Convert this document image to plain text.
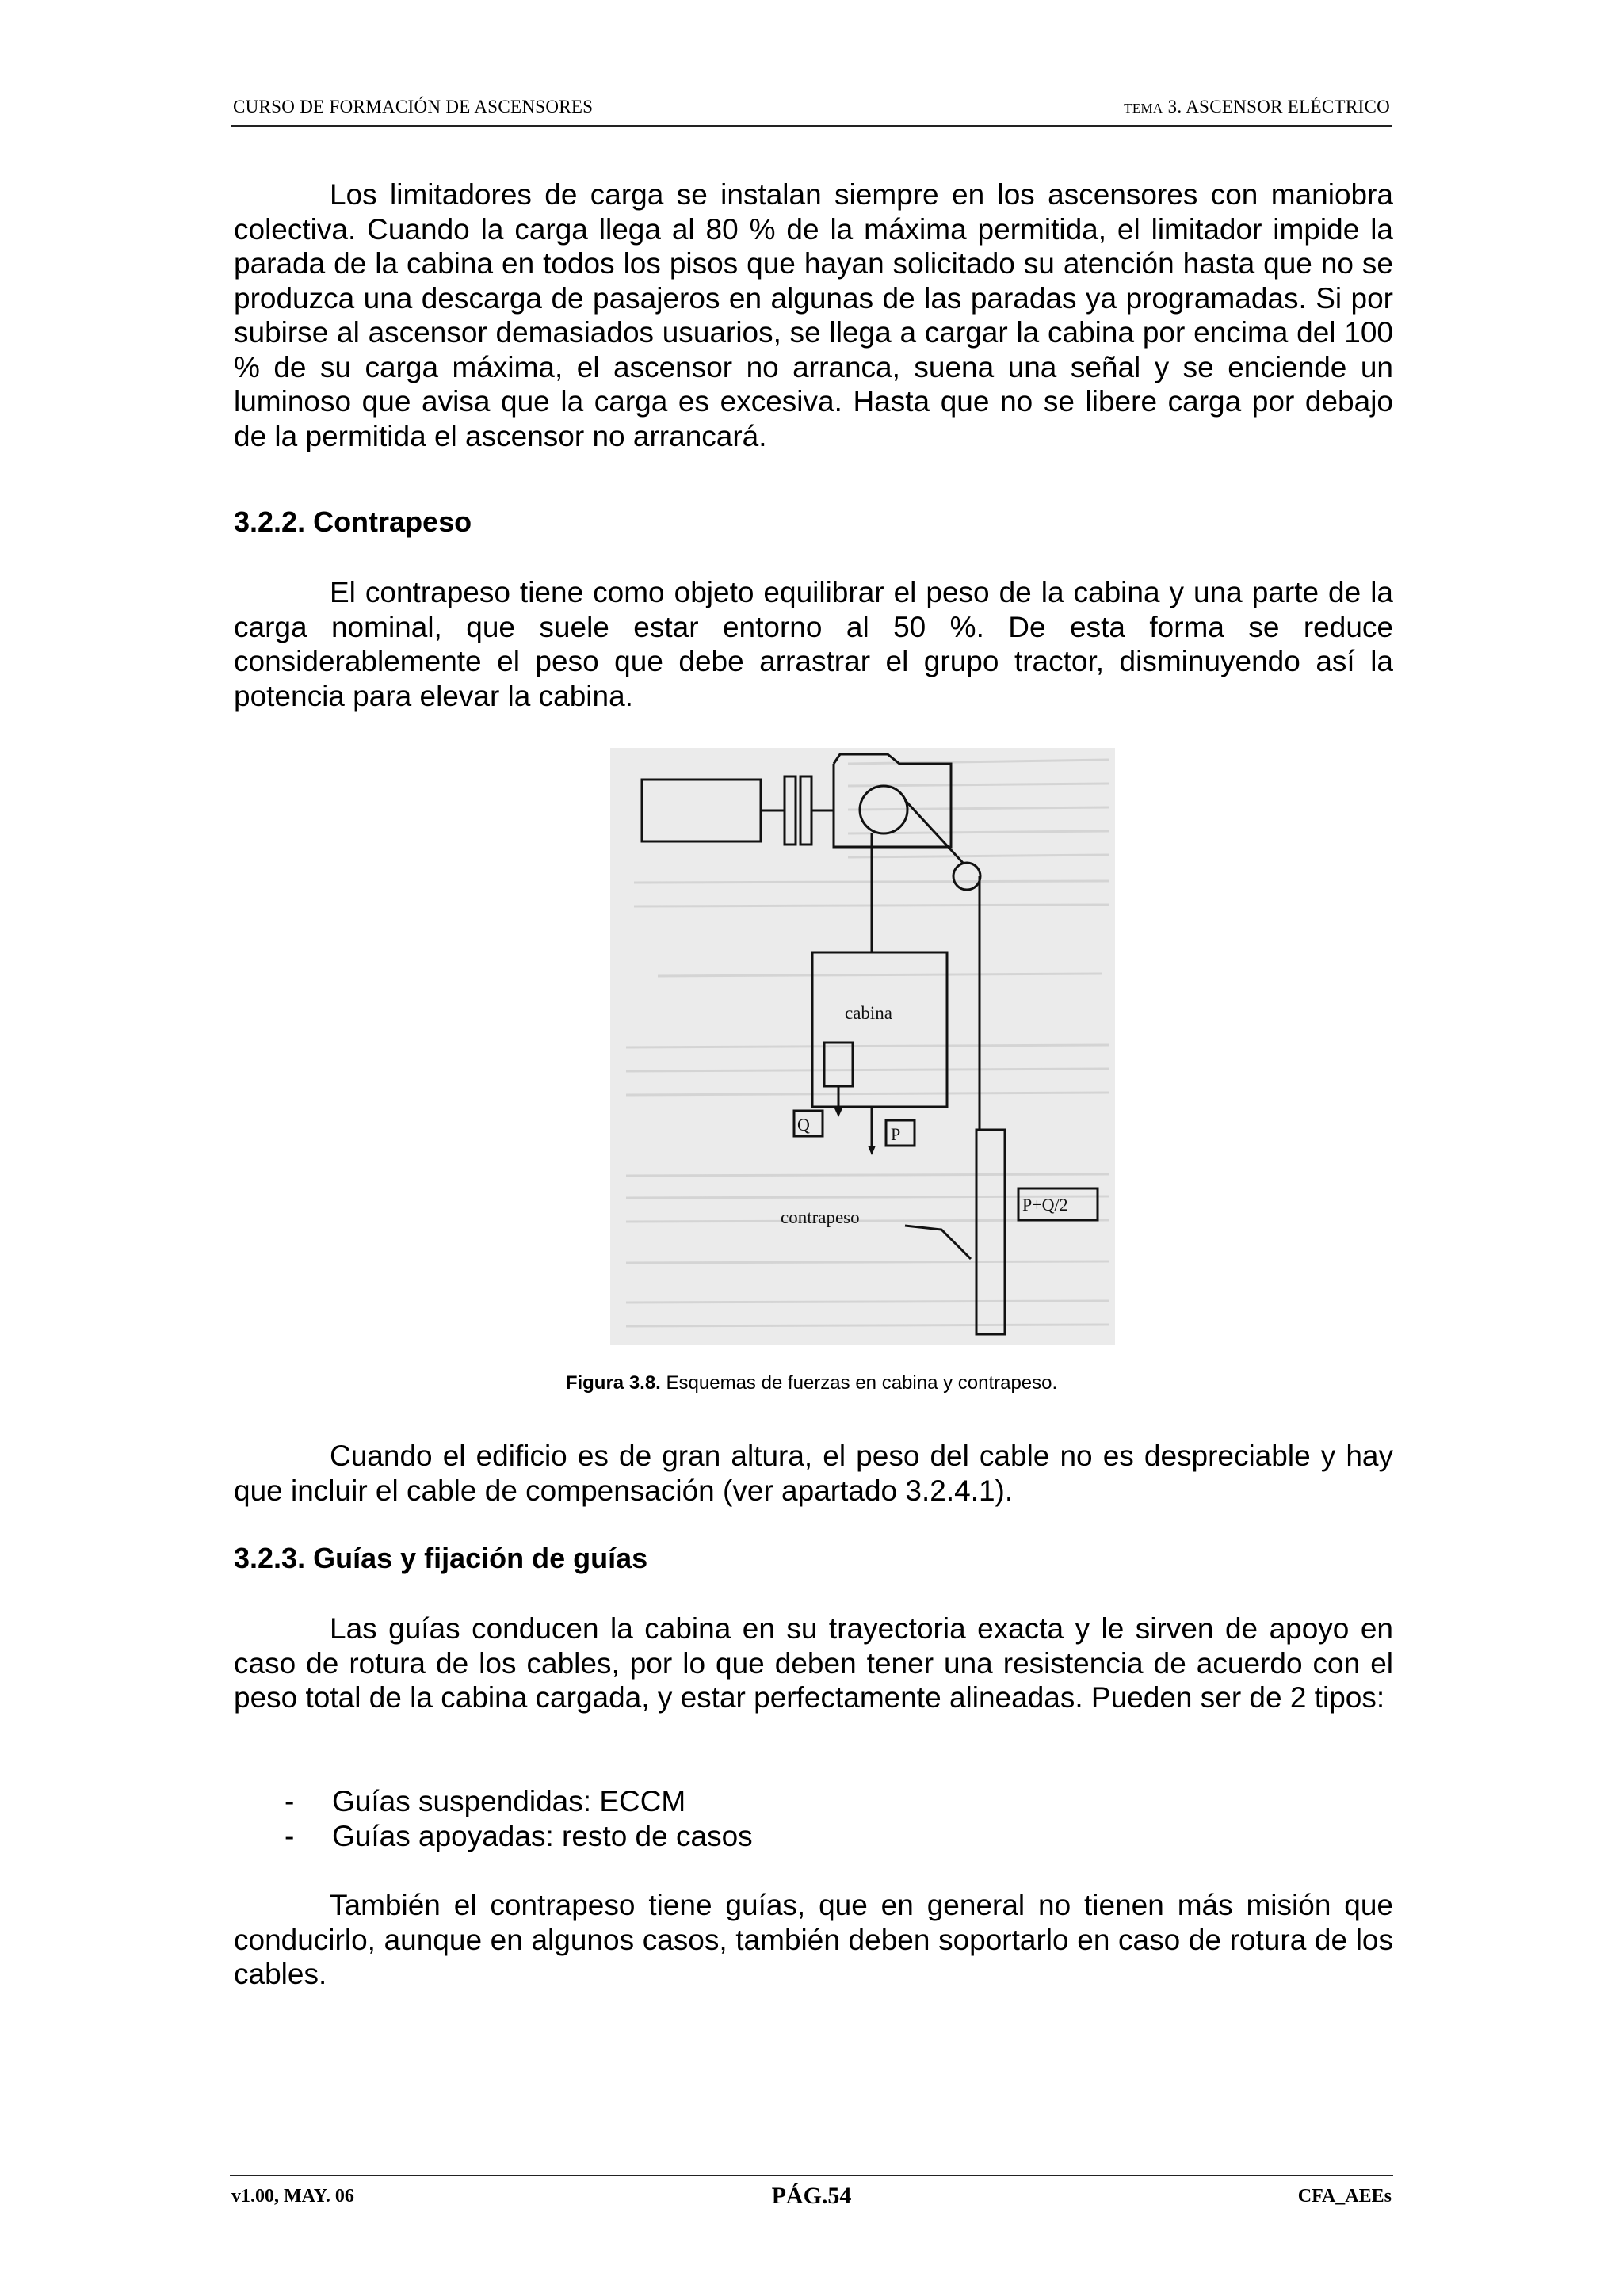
CURSO DE FORMACIÓN DE ASCENSORES	TEMA 3. ASCENSOR ELÉCTRICO

Los limitadores de carga se instalan siempre en los ascensores con maniobra colectiva. Cuando la carga llega al 80 % de la máxima permitida, el limitador impide la parada de la cabina en todos los pisos que hayan solicitado su atención hasta que no se produzca una descarga de pasajeros en algunas de las paradas ya programadas. Si por subirse al ascensor demasiados usuarios, se llega a cargar la cabina por encima del 100 % de su carga máxima, el ascensor no arranca, suena una señal y se enciende un luminoso que avisa que la carga es excesiva. Hasta que no se libere carga por debajo de la permitida el ascensor no arrancará.

3.2.2. Contrapeso

El contrapeso tiene como objeto equilibrar el peso de la cabina y una parte de la carga nominal, que suele estar entorno al 50 %. De esta forma se reduce considerablemente el peso que debe arrastrar el grupo tractor, disminuyendo así la potencia para elevar la cabina.

cabina
Q	P
contrapeso
P+Q/2
Figura 3.8. Esquemas de fuerzas en cabina y contrapeso.

Cuando el edificio es de gran altura, el peso del cable no es despreciable y hay que incluir el cable de compensación (ver apartado 3.2.4.1).

3.2.3. Guías y fijación de guías

Las guías conducen la cabina en su trayectoria exacta y le sirven de apoyo en caso de rotura de los cables, por lo que deben tener una resistencia de acuerdo con el peso total de la cabina cargada, y estar perfectamente alineadas. Pueden ser de 2 tipos:

- Guías suspendidas: ECCM
- Guías apoyadas: resto de casos

También el contrapeso tiene guías, que en general no tienen más misión que conducirlo, aunque en algunos casos, también deben soportarlo en caso de rotura de los cables.

v1.00, MAY. 06	PÁG.54	CFA_AEEs
